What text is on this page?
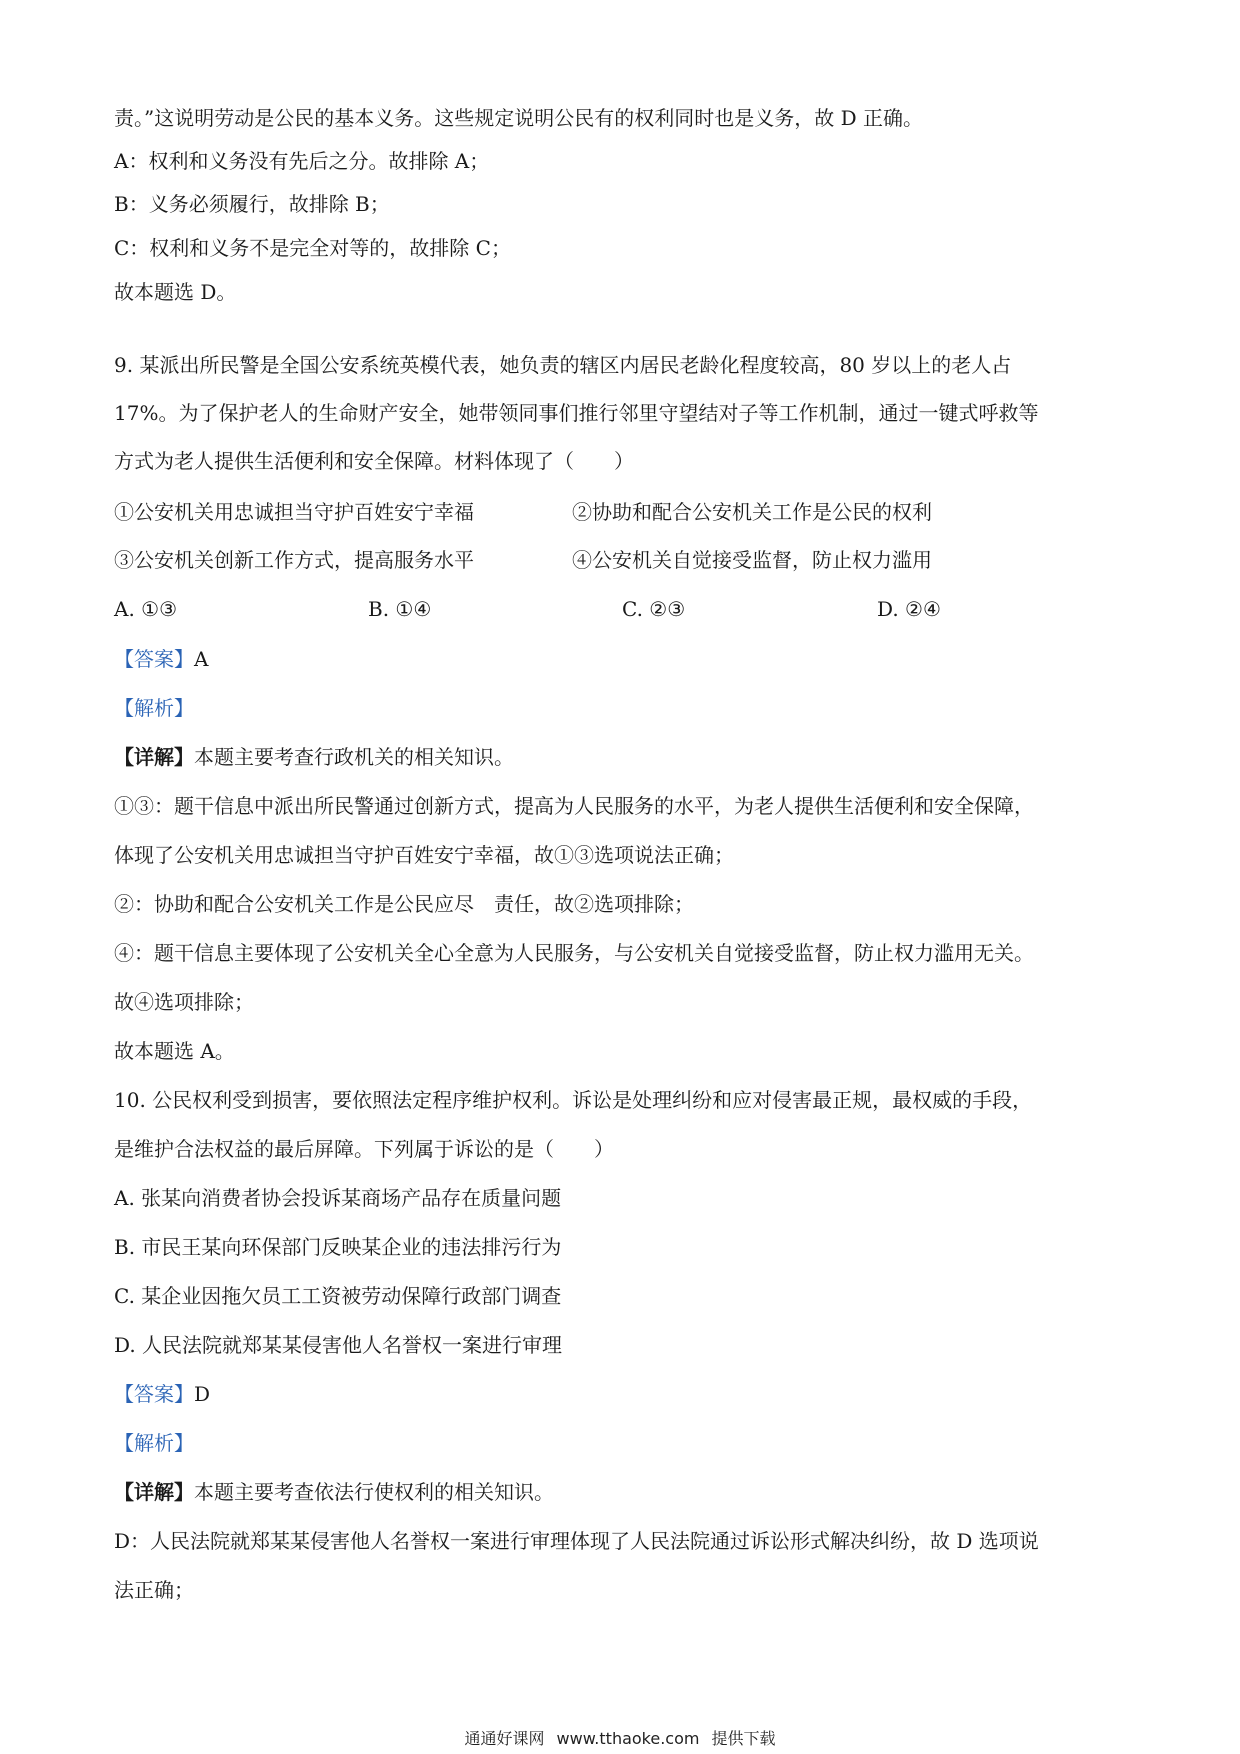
责。”这说明劳动是公民的基本义务。这些规定说明公民有的权利同时也是义务，故 D 正确。
A：权利和义务没有先后之分。故排除 A；
B：义务必须履行，故排除 B；
C：权利和义务不是完全对等的，故排除 C；
故本题选 D。
9. 某派出所民警是全国公安系统英模代表，她负责的辖区内居民老龄化程度较高，80 岁以上的老人占
17%。为了保护老人的生命财产安全，她带领同事们推行邻里守望结对子等工作机制，通过一键式呼救等
方式为老人提供生活便利和安全保障。材料体现了（　　）
①公安机关用忠诚担当守护百姓安宁幸福	②协助和配合公安机关工作是公民的权利
③公安机关创新工作方式，提高服务水平	④公安机关自觉接受监督，防止权力滥用
A. ①③	B. ①④	C. ②③	D. ②④
【答案】A
【解析】
【详解】本题主要考查行政机关的相关知识。
①③：题干信息中派出所民警通过创新方式，提高为人民服务的水平，为老人提供生活便利和安全保障，
体现了公安机关用忠诚担当守护百姓安宁幸福，故①③选项说法正确；
②：协助和配合公安机关工作是公民应尽　责任，故②选项排除；
④：题干信息主要体现了公安机关全心全意为人民服务，与公安机关自觉接受监督，防止权力滥用无关。
故④选项排除；
故本题选 A。
10. 公民权利受到损害，要依照法定程序维护权利。诉讼是处理纠纷和应对侵害最正规，最权威的手段，
是维护合法权益的最后屏障。下列属于诉讼的是（　　）
A. 张某向消费者协会投诉某商场产品存在质量问题
B. 市民王某向环保部门反映某企业的违法排污行为
C. 某企业因拖欠员工工资被劳动保障行政部门调查
D. 人民法院就郑某某侵害他人名誉权一案进行审理
【答案】D
【解析】
【详解】本题主要考查依法行使权利的相关知识。
D：人民法院就郑某某侵害他人名誉权一案进行审理体现了人民法院通过诉讼形式解决纠纷，故 D 选项说
法正确；
通通好课网 www.tthaoke.com 提供下载
